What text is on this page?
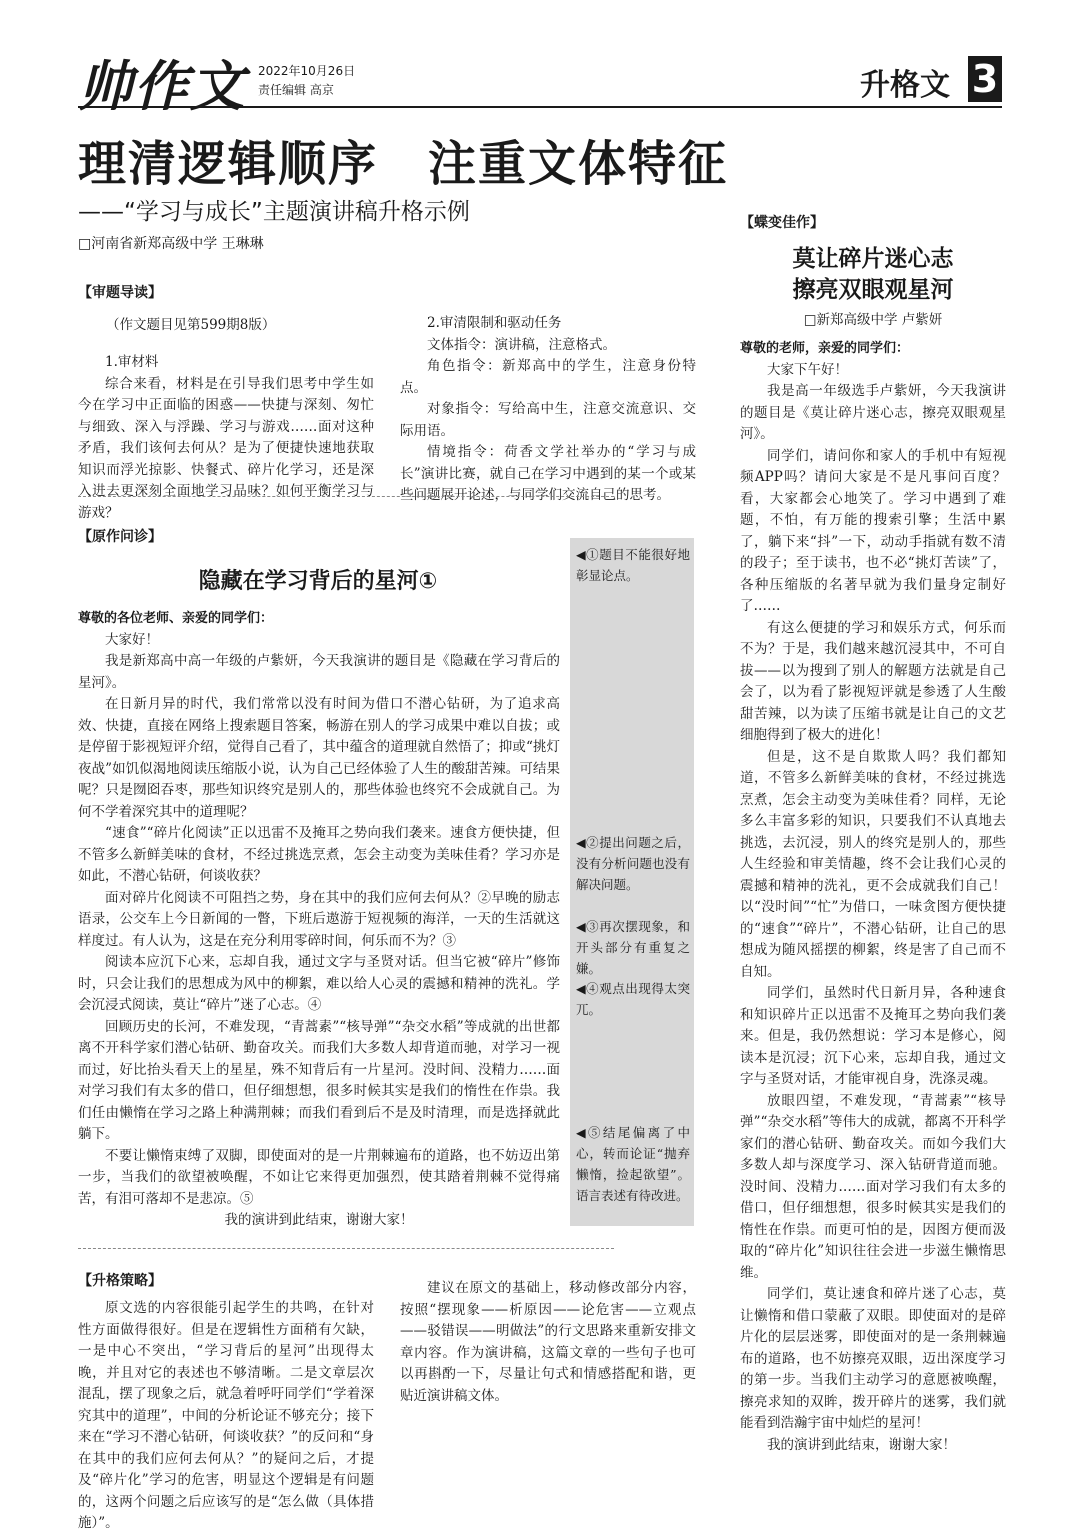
帅作文 2022年10月26日
责任编辑 高京	升格文 3
理清逻辑顺序　注重文体特征
——“学习与成长”主题演讲稿升格示例
□河南省新郑高级中学 王琳琳
【审题导读】
（作文题目见第599期8版）
1.审材料
综合来看，材料是在引导我们思考中学生如今在学习中正面临的困惑——快捷与深刻、匆忙与细致、深入与浮躁、学习与游戏……面对这种矛盾，我们该何去何从？是为了便捷快速地获取知识而浮光掠影、快餐式、碎片化学习，还是深入进去更深刻全面地学习品味？如何平衡学习与游戏？
2.审清限制和驱动任务
文体指令：演讲稿，注意格式。
角色指令：新郑高中的学生，注意身份特点。
对象指令：写给高中生，注意交流意识、交际用语。
情境指令：荷香文学社举办的“学习与成长”演讲比赛，就自己在学习中遇到的某一个或某些问题展开论述，与同学们交流自己的思考。
【原作问诊】
隐藏在学习背后的星河①
尊敬的各位老师、亲爱的同学们：
大家好！
我是新郑高中高一年级的卢紫妍，今天我演讲的题目是《隐藏在学习背后的星河》。
在日新月异的时代，我们常常以没有时间为借口不潜心钻研，为了追求高效、快捷，直接在网络上搜索题目答案，畅游在别人的学习成果中难以自拔；或是停留于影视短评介绍，觉得自己看了，其中蕴含的道理就自然悟了；抑或“挑灯夜战”如饥似渴地阅读压缩版小说，认为自己已经体验了人生的酸甜苦辣。可结果呢？只是囫囵吞枣，那些知识终究是别人的，那些体验也终究不会成就自己。为何不学着深究其中的道理呢？
“速食”“碎片化阅读”正以迅雷不及掩耳之势向我们袭来。速食方便快捷，但不管多么新鲜美味的食材，不经过挑选烹煮，怎会主动变为美味佳肴？学习亦是如此，不潜心钻研，何谈收获？
面对碎片化阅读不可阻挡之势，身在其中的我们应何去何从？②早晚的励志语录，公交车上今日新闻的一瞥，下班后遨游于短视频的海洋，一天的生活就这样度过。有人认为，这是在充分利用零碎时间，何乐而不为？③
阅读本应沉下心来，忘却自我，通过文字与圣贤对话。但当它被“碎片”修饰时，只会让我们的思想成为风中的柳絮，难以给人心灵的震撼和精神的洗礼。学会沉浸式阅读，莫让“碎片”迷了心志。④
回顾历史的长河，不难发现，“青蒿素”“核导弹”“杂交水稻”等成就的出世都离不开科学家们潜心钻研、勤奋攻关。而我们大多数人却背道而驰，对学习一视而过，好比抬头看天上的星星，殊不知背后有一片星河。没时间、没精力……面对学习我们有太多的借口，但仔细想想，很多时候其实是我们的惰性在作祟。我们任由懒惰在学习之路上种满荆棘；而我们看到后不是及时清理，而是选择就此躺下。
不要让懒惰束缚了双脚，即使面对的是一片荆棘遍布的道路，也不妨迈出第一步，当我们的欲望被唤醒，不如让它来得更加强烈，使其踏着荆棘不觉得痛苦，有泪可落却不是悲凉。⑤
我的演讲到此结束，谢谢大家！
◀①题目不能很好地彰显论点。
◀②提出问题之后，没有分析问题也没有解决问题。
◀③再次摆现象，和开头部分有重复之嫌。
◀④观点出现得太突兀。
◀⑤结尾偏离了中心，转而论证“抛弃懒惰，捡起欲望”。语言表述有待改进。
【升格策略】
原文选的内容很能引起学生的共鸣，在针对性方面做得很好。但是在逻辑性方面稍有欠缺，一是中心不突出，“学习背后的星河”出现得太晚，并且对它的表述也不够清晰。二是文章层次混乱，摆了现象之后，就急着呼吁同学们“学着深究其中的道理”，中间的分析论证不够充分；接下来在“学习不潜心钻研，何谈收获？”的反问和“身在其中的我们应何去何从？”的疑问之后，才提及“碎片化”学习的危害，明显这个逻辑是有问题的，这两个问题之后应该写的是“怎么做（具体措施）”。
建议在原文的基础上，移动修改部分内容，按照“摆现象——析原因——论危害——立观点——驳错误——明做法”的行文思路来重新安排文章内容。作为演讲稿，这篇文章的一些句子也可以再斟酌一下，尽量让句式和情感搭配和谐，更贴近演讲稿文体。
【蝶变佳作】
莫让碎片迷心志
擦亮双眼观星河
□新郑高级中学 卢紫妍
尊敬的老师，亲爱的同学们：
大家下午好！
我是高一年级选手卢紫妍，今天我演讲的题目是《莫让碎片迷心志，擦亮双眼观星河》。
同学们，请问你和家人的手机中有短视频APP吗？请问大家是不是凡事问百度？看，大家都会心地笑了。学习中遇到了难题，不怕，有万能的搜索引擎；生活中累了，躺下来“抖”一下，动动手指就有数不清的段子；至于读书，也不必“挑灯苦读”了，各种压缩版的名著早就为我们量身定制好了……
有这么便捷的学习和娱乐方式，何乐而不为？于是，我们越来越沉浸其中，不可自拔——以为搜到了别人的解题方法就是自己会了，以为看了影视短评就是参透了人生酸甜苦辣，以为读了压缩书就是让自己的文艺细胞得到了极大的进化！
但是，这不是自欺欺人吗？我们都知道，不管多么新鲜美味的食材，不经过挑选烹煮，怎会主动变为美味佳肴？同样，无论多么丰富多彩的知识，只要我们不认真地去挑选，去沉浸，别人的终究是别人的，那些人生经验和审美情趣，终不会让我们心灵的震撼和精神的洗礼，更不会成就我们自己！以“没时间”“忙”为借口，一味贪图方便快捷的“速食”“碎片”，不潜心钻研，让自己的思想成为随风摇摆的柳絮，终是害了自己而不自知。
同学们，虽然时代日新月异，各种速食和知识碎片正以迅雷不及掩耳之势向我们袭来。但是，我仍然想说：学习本是修心，阅读本是沉浸；沉下心来，忘却自我，通过文字与圣贤对话，才能审视自身，洗涤灵魂。
放眼四望，不难发现，“青蒿素”“核导弹”“杂交水稻”等伟大的成就，都离不开科学家们的潜心钻研、勤奋攻关。而如今我们大多数人却与深度学习、深入钻研背道而驰。没时间、没精力……面对学习我们有太多的借口，但仔细想想，很多时候其实是我们的惰性在作祟。而更可怕的是，因图方便而汲取的“碎片化”知识往往会进一步滋生懒惰思维。
同学们，莫让速食和碎片迷了心志，莫让懒惰和借口蒙蔽了双眼。即使面对的是碎片化的层层迷雾，即使面对的是一条荆棘遍布的道路，也不妨擦亮双眼，迈出深度学习的第一步。当我们主动学习的意愿被唤醒，擦亮求知的双眸，拨开碎片的迷雾，我们就能看到浩瀚宇宙中灿烂的星河！
我的演讲到此结束，谢谢大家！
